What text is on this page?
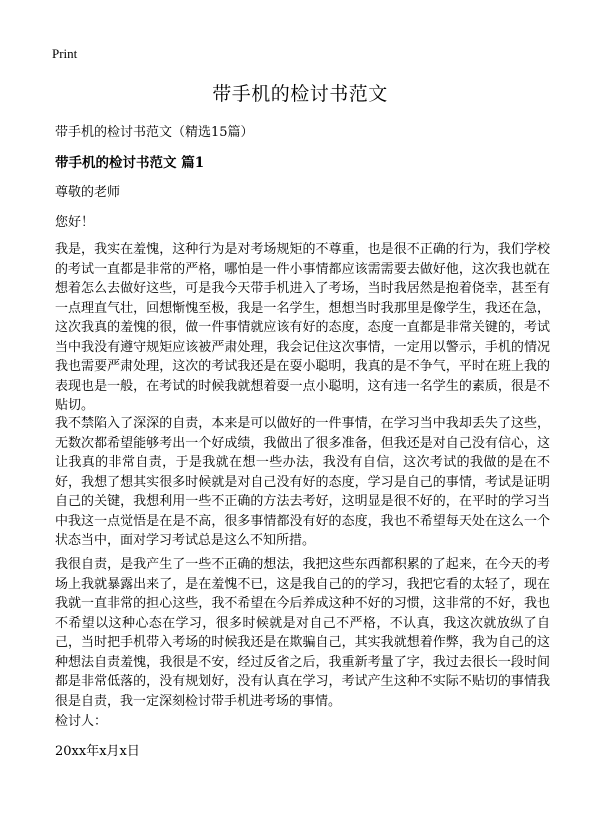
Print
带手机的检讨书范文
带手机的检讨书范文（精选15篇）
带手机的检讨书范文 篇1
尊敬的老师
您好！

我是，我实在羞愧，这种行为是对考场规矩的不尊重，也是很不正确的行为，我们学校的考试一直都是非常的严格，哪怕是一件小事情都应该需需要去做好他，这次我也就在想着怎么去做好这些，可是我今天带手机进入了考场，当时我居然是抱着侥幸，甚至有一点理直气壮，回想惭愧至极，我是一名学生，想想当时我那里是像学生，我还在急，这次我真的羞愧的很，做一件事情就应该有好的态度，态度一直都是非常关键的，考试当中我没有遵守规矩应该被严肃处理，我会记住这次事情，一定用以警示，手机的情况我也需要严肃处理，这次的考试我还是在耍小聪明，我真的是不争气，平时在班上我的表现也是一般，在考试的时候我就想着耍一点小聪明，这有违一名学生的素质，很是不贴切。

我不禁陷入了深深的自责，本来是可以做好的一件事情，在学习当中我却丢失了这些，无数次都希望能够考出一个好成绩，我做出了很多准备，但我还是对自己没有信心，这让我真的非常自责，于是我就在想一些办法，我没有自信，这次考试的我做的是在不好，我想了想其实很多时候就是对自己没有好的态度，学习是自己的事情，考试是证明自己的关键，我想利用一些不正确的方法去考好，这明显是很不好的，在平时的学习当中我这一点觉悟是在是不高，很多事情都没有好的态度，我也不希望每天处在这么一个状态当中，面对学习考试总是这么不知所措。

我很自责，是我产生了一些不正确的想法，我把这些东西都积累的了起来，在今天的考场上我就暴露出来了，是在羞愧不已，这是我自己的的学习，我把它看的太轻了，现在我就一直非常的担心这些，我不希望在今后养成这种不好的习惯，这非常的不好，我也不希望以这种心态在学习，很多时候就是对自己不严格，不认真，我这次就放纵了自己，当时把手机带入考场的时候我还是在欺骗自己，其实我就想着作弊，我为自己的这种想法自责羞愧，我很是不安，经过反省之后，我重新考量了字，我过去很长一段时间都是非常低落的，没有规划好，没有认真在学习，考试产生这种不实际不贴切的事情我很是自责，我一定深刻检讨带手机进考场的事情。

检讨人：
20xx年x月x日
